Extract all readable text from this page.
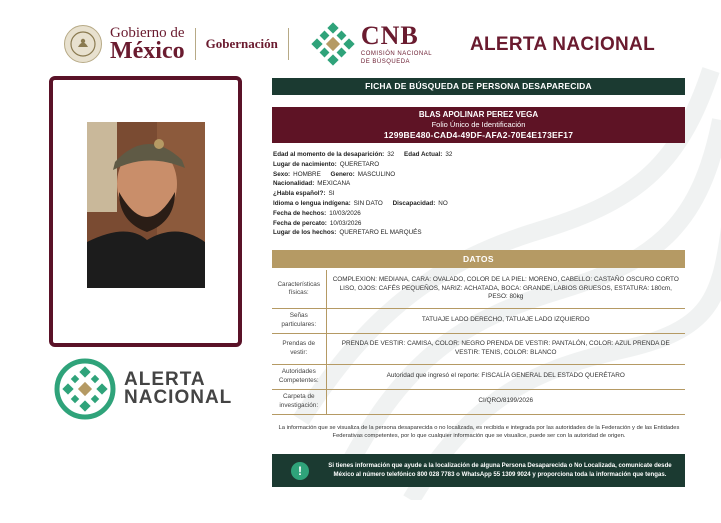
Gobierno de
México Gobernación	CNB
COMISIÓN NACIONAL
DE BÚSQUEDA
ALERTA NACIONAL
ALERTA
NACIONAL
FICHA DE BÚSQUEDA DE PERSONA DESAPARECIDA
BLAS APOLINAR PEREZ VEGA
Folio Único de Identificación
1299BE480-CAD4-49DF-AFA2-70E4E173EF17
Edad al momento de la desaparición: 32 Edad Actual: 32
Lugar de nacimiento: QUERETARO
Sexo: HOMBRE Genero: MASCULINO
Nacionalidad: MEXICANA
¿Habla español?: SI
Idioma o lengua indígena: SIN DATO Discapacidad: NO
Fecha de hechos: 10/03/2026
Fecha de percato: 10/03/2026
Lugar de los hechos: QUERETARO EL MARQUÉS
DATOS
Características físicas:	COMPLEXION: MEDIANA, CARA: OVALADO, COLOR DE LA PIEL: MORENO, CABELLO: CASTAÑO OSCURO CORTO LISO, OJOS: CAFÉS PEQUEÑOS, NARIZ: ACHATADA, BOCA: GRANDE, LABIOS GRUESOS, ESTATURA: 180cm, PESO: 80kg
Señas particulares:	TATUAJE LADO DERECHO, TATUAJE LADO IZQUIERDO
Prendas de vestir:	PRENDA DE VESTIR: CAMISA, COLOR: NEGRO PRENDA DE VESTIR: PANTALÓN, COLOR: AZUL PRENDA DE VESTIR: TENIS, COLOR: BLANCO
Autoridades Competentes:	Autoridad que ingresó el reporte: FISCALÍA GENERAL DEL ESTADO QUERÉTARO
Carpeta de investigación:	CI/QRO/8199/2026
La información que se visualiza de la persona desaparecida o no localizada, es recibida e integrada por las autoridades de la Federación y de las Entidades Federativas competentes, por lo que cualquier información que se visualice, puede ser con la autoridad de origen.
!	Si tienes información que ayude a la localización de alguna Persona Desaparecida o No Localizada, comunícate desde México al número telefónico 800 028 7783 o WhatsApp 55 1309 9024 y proporciona toda la información que tengas.
